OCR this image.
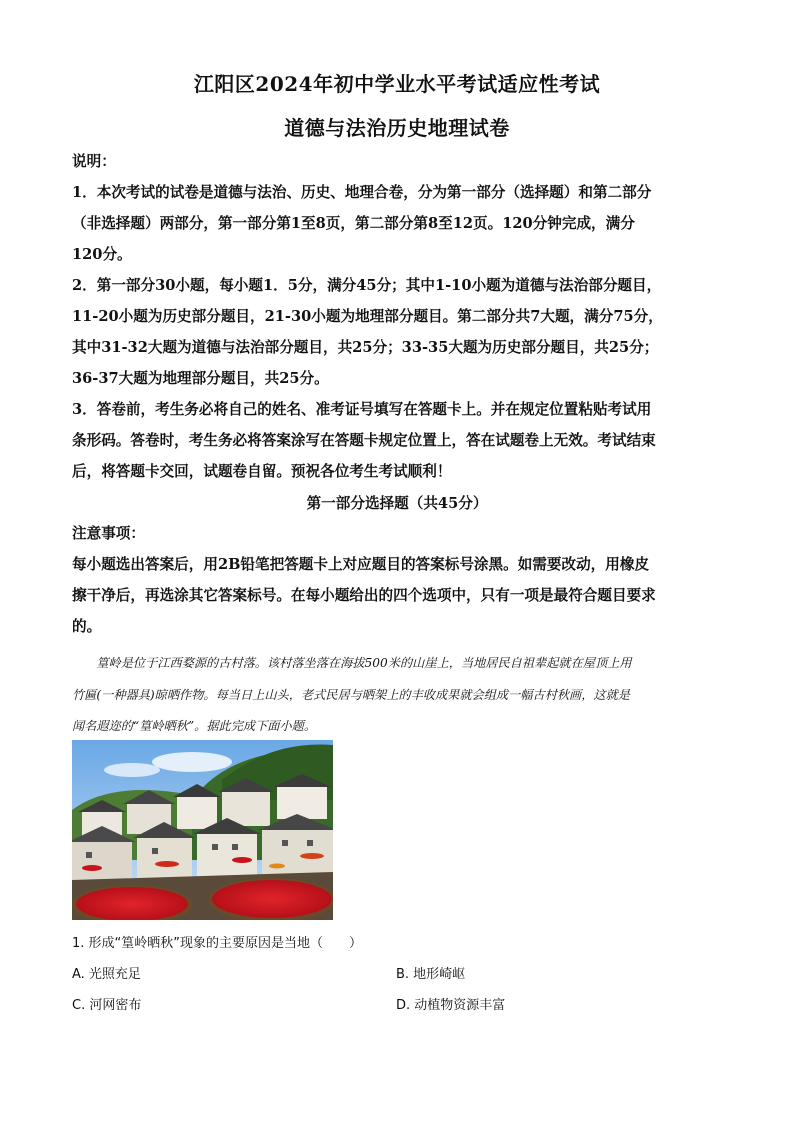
江阳区2024年初中学业水平考试适应性考试
道德与法治历史地理试卷
说明：
1．本次考试的试卷是道德与法治、历史、地理合卷，分为第一部分（选择题）和第二部分
（非选择题）两部分，第一部分第1至8页，第二部分第8至12页。120分钟完成，满分
120分。
2．第一部分30小题，每小题1．5分，满分45分；其中1-10小题为道德与法治部分题目，
11-20小题为历史部分题目，21-30小题为地理部分题目。第二部分共7大题，满分75分，
其中31-32大题为道德与法治部分题目，共25分；33-35大题为历史部分题目，共25分；
36-37大题为地理部分题目，共25分。
3．答卷前，考生务必将自己的姓名、准考证号填写在答题卡上。并在规定位置粘贴考试用
条形码。答卷时，考生务必将答案涂写在答题卡规定位置上，答在试题卷上无效。考试结束
后，将答题卡交回，试题卷自留。预祝各位考生考试顺利！
第一部分选择题（共45分）
注意事项：
每小题选出答案后，用2B铅笔把答题卡上对应题目的答案标号涂黑。如需要改动，用橡皮
擦干净后，再选涂其它答案标号。在每小题给出的四个选项中，只有一项是最符合题目要求
的。
　　篁岭是位于江西婺源的古村落。该村落坐落在海拔500米的山崖上，当地居民自祖辈起就在屋顶上用
竹匾(一种器具)晾晒作物。每当日上山头，老式民居与晒架上的丰收成果就会组成一幅古村秋画，这就是
闻名遐迩的“篁岭晒秋”。据此完成下面小题。
1. 形成“篁岭晒秋”现象的主要原因是当地（　　）
A. 光照充足	B. 地形崎岖
C. 河网密布	D. 动植物资源丰富
